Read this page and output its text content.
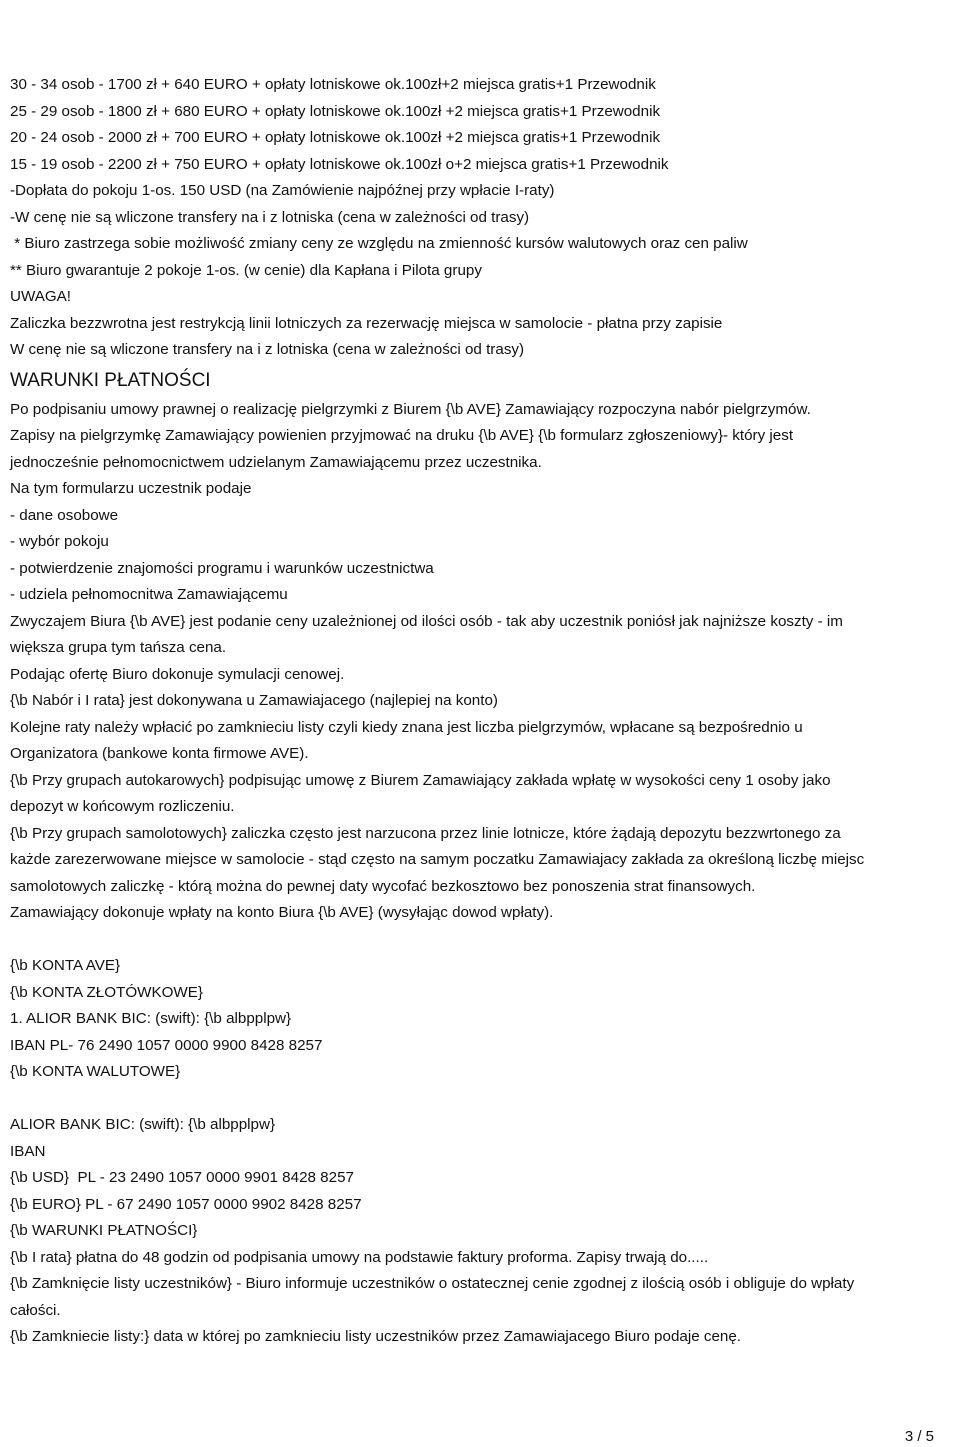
30 - 34 osob - 1700 zł + 640 EURO + opłaty lotniskowe ok.100zł+2 miejsca gratis+1 Przewodnik

25 - 29 osob - 1800 zł + 680 EURO + opłaty lotniskowe ok.100zł +2 miejsca gratis+1 Przewodnik

20 - 24 osob - 2000 zł + 700 EURO + opłaty lotniskowe ok.100zł +2 miejsca gratis+1 Przewodnik

15 - 19 osob - 2200 zł + 750 EURO + opłaty lotniskowe ok.100zł o+2 miejsca gratis+1 Przewodnik

-Dopłata do pokoju 1-os. 150 USD (na Zamówienie najpóźnej przy wpłacie I-raty)

-W cenę nie są wliczone transfery na i z lotniska (cena w zależności od trasy)

* Biuro zastrzega sobie możliwość zmiany ceny ze względu na zmienność kursów walutowych oraz cen paliw

** Biuro gwarantuje 2 pokoje 1-os. (w cenie) dla Kapłana i Pilota grupy

UWAGA!

Zaliczka bezzwrotna jest restrykcją linii lotniczych za rezerwację miejsca w samolocie - płatna przy zapisie

W cenę nie są wliczone transfery na i z lotniska (cena w zależności od trasy)

WARUNKI PŁATNOŚCI

Po podpisaniu umowy prawnej o realizację pielgrzymki z Biurem {\b AVE} Zamawiający rozpoczyna nabór pielgrzymów.

Zapisy na pielgrzymkę Zamawiający powienien przyjmować na druku {\b AVE} {\b formularz zgłoszeniowy}- który jest

jednocześnie pełnomocnictwem udzielanym Zamawiającemu przez uczestnika.

Na tym formularzu uczestnik podaje

- dane osobowe

- wybór pokoju

- potwierdzenie znajomości programu i warunków uczestnictwa

- udziela pełnomocnitwa Zamawiającemu

Zwyczajem Biura {\b AVE} jest podanie ceny uzależnionej od ilości osób - tak aby uczestnik poniósł jak najniższe koszty - im

większa grupa tym tańsza cena.

Podając ofertę Biuro dokonuje symulacji cenowej.

{\b Nabór i I rata} jest dokonywana u Zamawiajacego (najlepiej na konto)

Kolejne raty należy wpłacić po zamknieciu listy czyli kiedy znana jest liczba pielgrzymów, wpłacane są bezpośrednio u

Organizatora (bankowe konta firmowe AVE).

{\b Przy grupach autokarowych} podpisując umowę z Biurem Zamawiający zakłada wpłatę w wysokości ceny 1 osoby jako

depozyt w końcowym rozliczeniu.

{\b Przy grupach samolotowych} zaliczka często jest narzucona przez linie lotnicze, które żądają depozytu bezzwrtonego za

każde zarezerwowane miejsce w samolocie - stąd często na samym poczatku Zamawiajacy zakłada za określoną liczbę miejsc

samolotowych zaliczkę - którą można do pewnej daty wycofać bezkosztowo bez ponoszenia strat finansowych.

Zamawiający dokonuje wpłaty na konto Biura {\b AVE} (wysyłając dowod wpłaty).

{\b KONTA AVE}

{\b KONTA ZŁOTÓWKOWE}

1. ALIOR BANK BIC: (swift): {\b albpplpw}

IBAN PL- 76 2490 1057 0000 9900 8428 8257

{\b KONTA WALUTOWE}

ALIOR BANK BIC: (swift): {\b albpplpw}

IBAN

{\b USD}  PL - 23 2490 1057 0000 9901 8428 8257

{\b EURO} PL - 67 2490 1057 0000 9902 8428 8257

{\b WARUNKI PŁATNOŚCI}

{\b I rata} płatna do 48 godzin od podpisania umowy na podstawie faktury proforma. Zapisy trwają do.....

{\b Zamknięcie listy uczestników} - Biuro informuje uczestników o ostatecznej cenie zgodnej z ilością osób i obliguje do wpłaty

całości.

{\b Zamkniecie listy:} data w której po zamknieciu listy uczestników przez Zamawiajacego Biuro podaje cenę.

3 / 5
